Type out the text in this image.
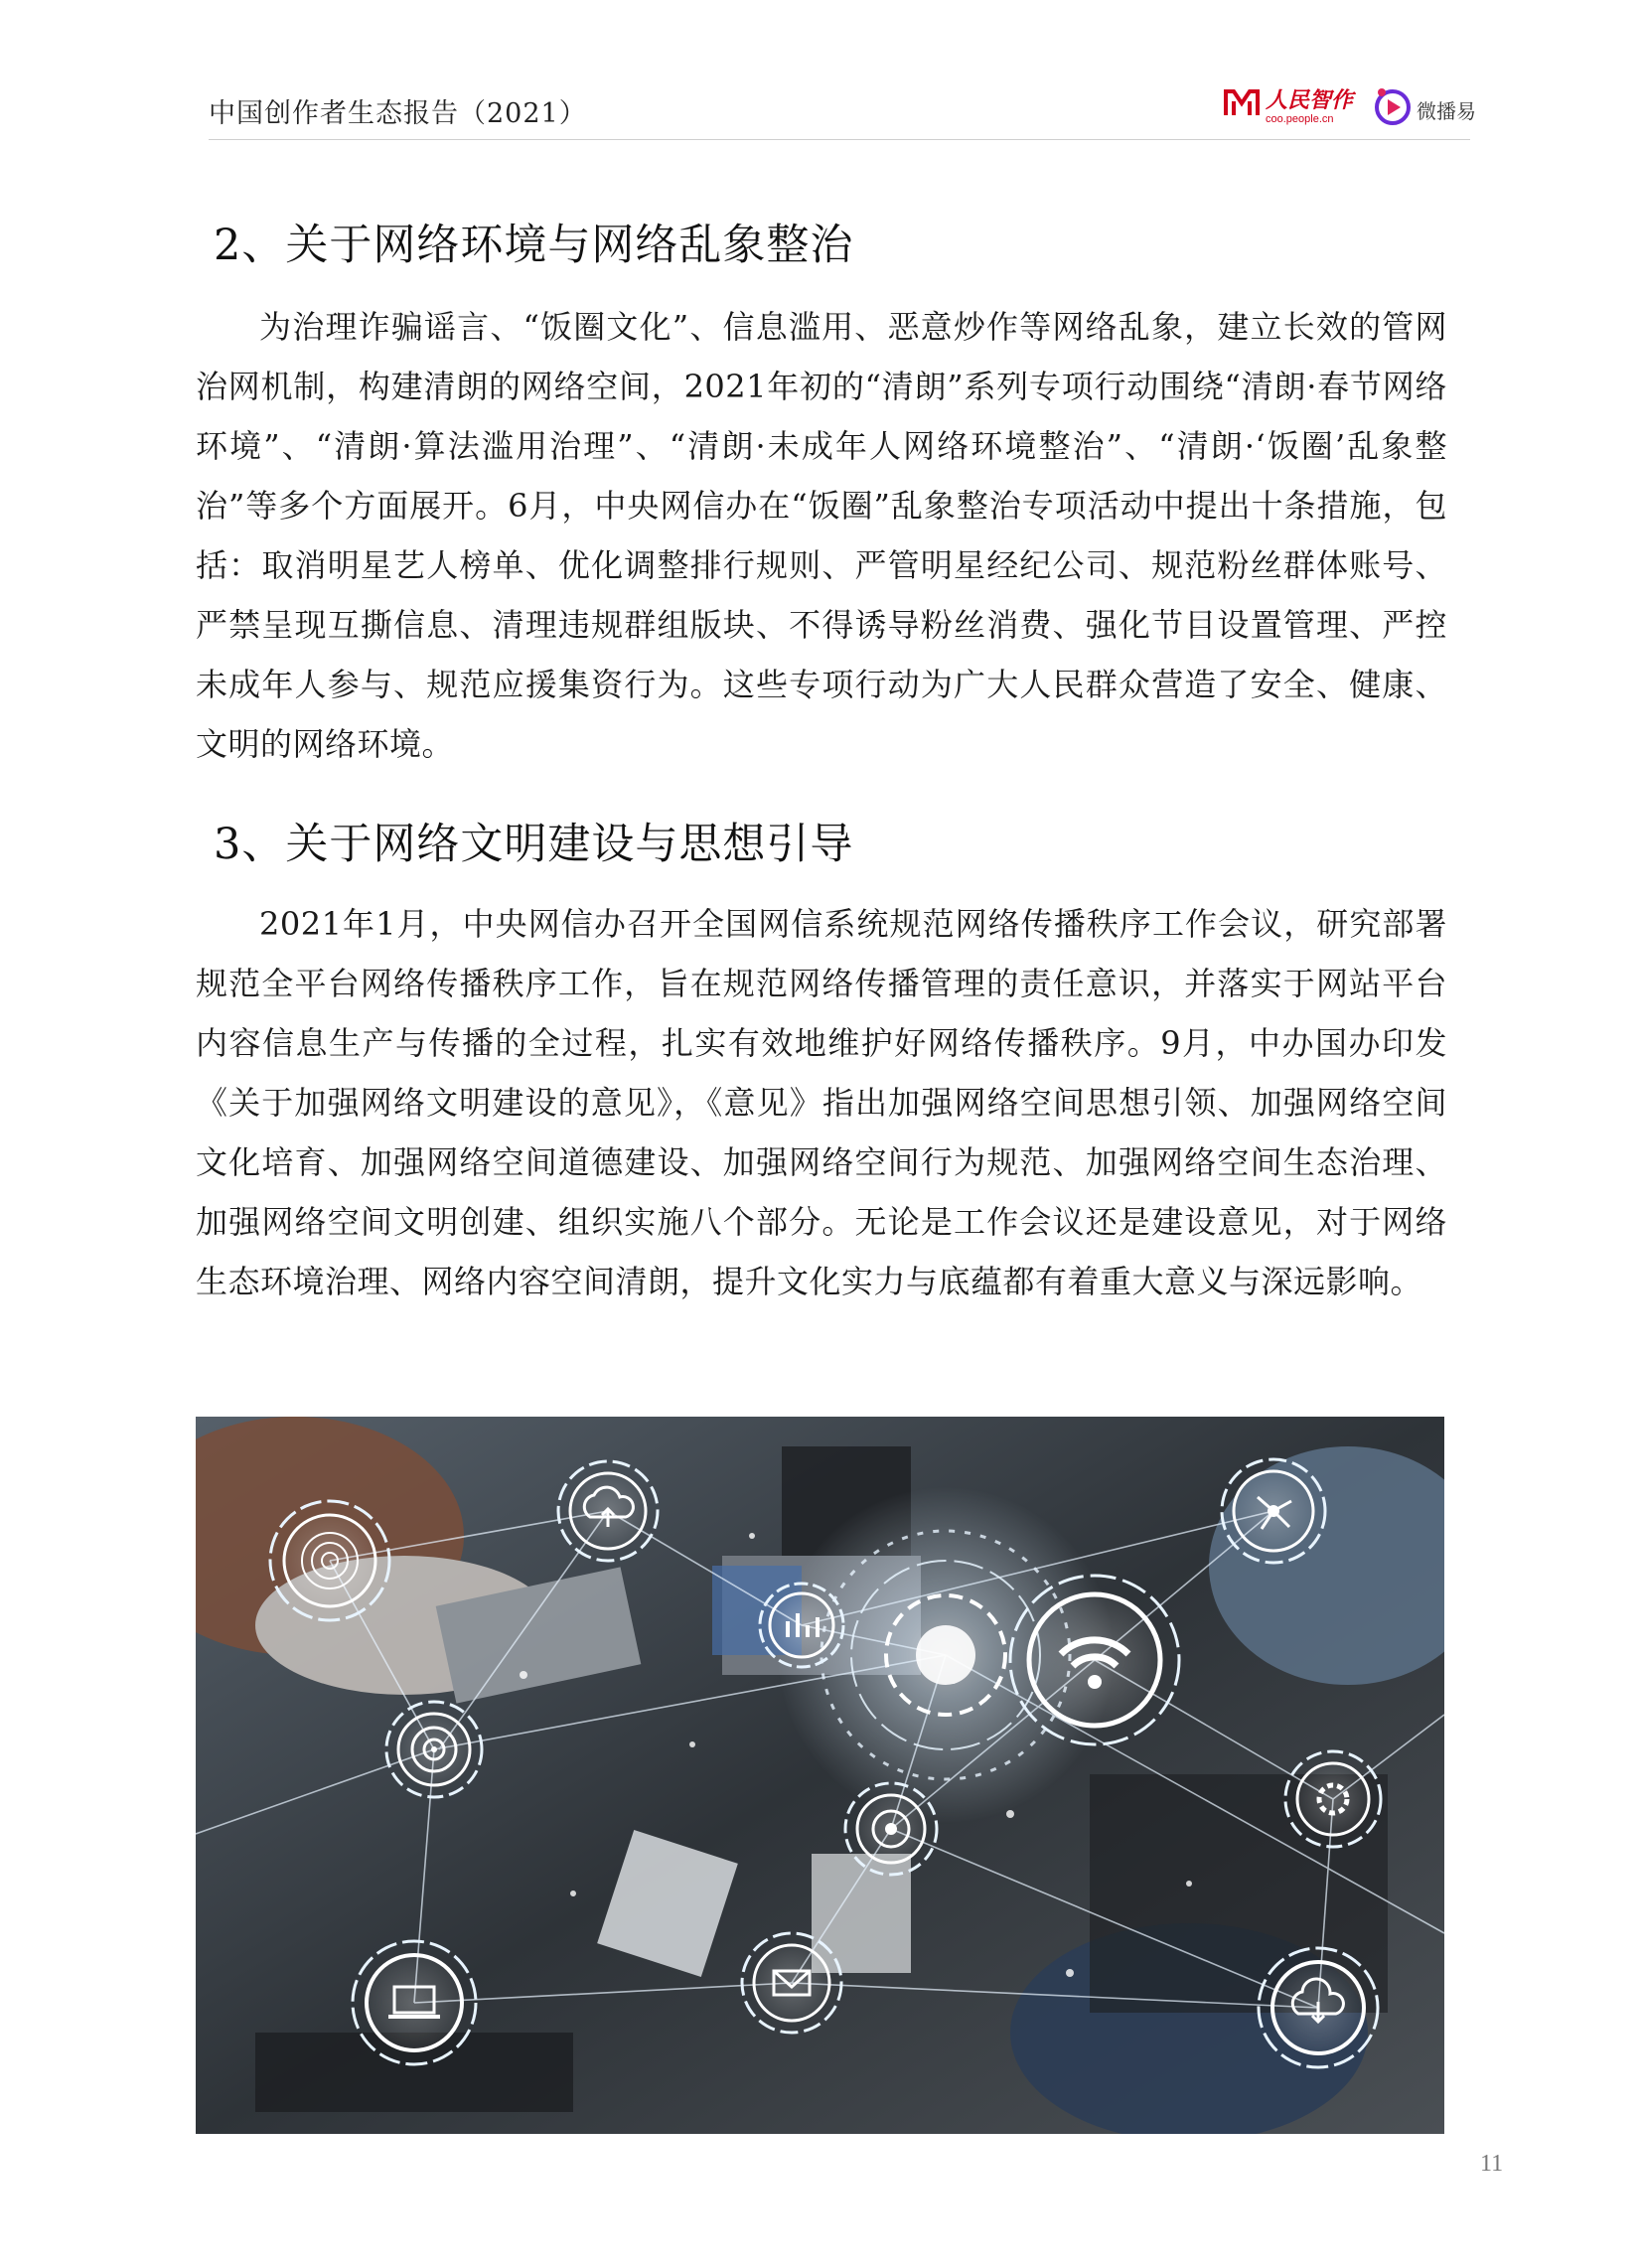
中国创作者生态报告（2021）	人民智作
coo.people.cn	微播易
2、关于网络环境与网络乱象整治
为治理诈骗谣言、“饭圈文化”、信息滥用、恶意炒作等网络乱象，建立长效的管网治网机制，构建清朗的网络空间，2021年初的“清朗”系列专项行动围绕“清朗·春节网络环境”、“清朗·算法滥用治理”、“清朗·未成年人网络环境整治”、“清朗·‘饭圈’乱象整治”等多个方面展开。6月，中央网信办在“饭圈”乱象整治专项活动中提出十条措施，包括：取消明星艺人榜单、优化调整排行规则、严管明星经纪公司、规范粉丝群体账号、严禁呈现互撕信息、清理违规群组版块、不得诱导粉丝消费、强化节目设置管理、严控未成年人参与、规范应援集资行为。这些专项行动为广大人民群众营造了安全、健康、文明的网络环境。
3、关于网络文明建设与思想引导
2021年1月，中央网信办召开全国网信系统规范网络传播秩序工作会议，研究部署规范全平台网络传播秩序工作，旨在规范网络传播管理的责任意识，并落实于网站平台内容信息生产与传播的全过程，扎实有效地维护好网络传播秩序。9月，中办国办印发《关于加强网络文明建设的意见》，《意见》指出加强网络空间思想引领、加强网络空间文化培育、加强网络空间道德建设、加强网络空间行为规范、加强网络空间生态治理、加强网络空间文明创建、组织实施八个部分。无论是工作会议还是建设意见，对于网络生态环境治理、网络内容空间清朗，提升文化实力与底蕴都有着重大意义与深远影响。
11
